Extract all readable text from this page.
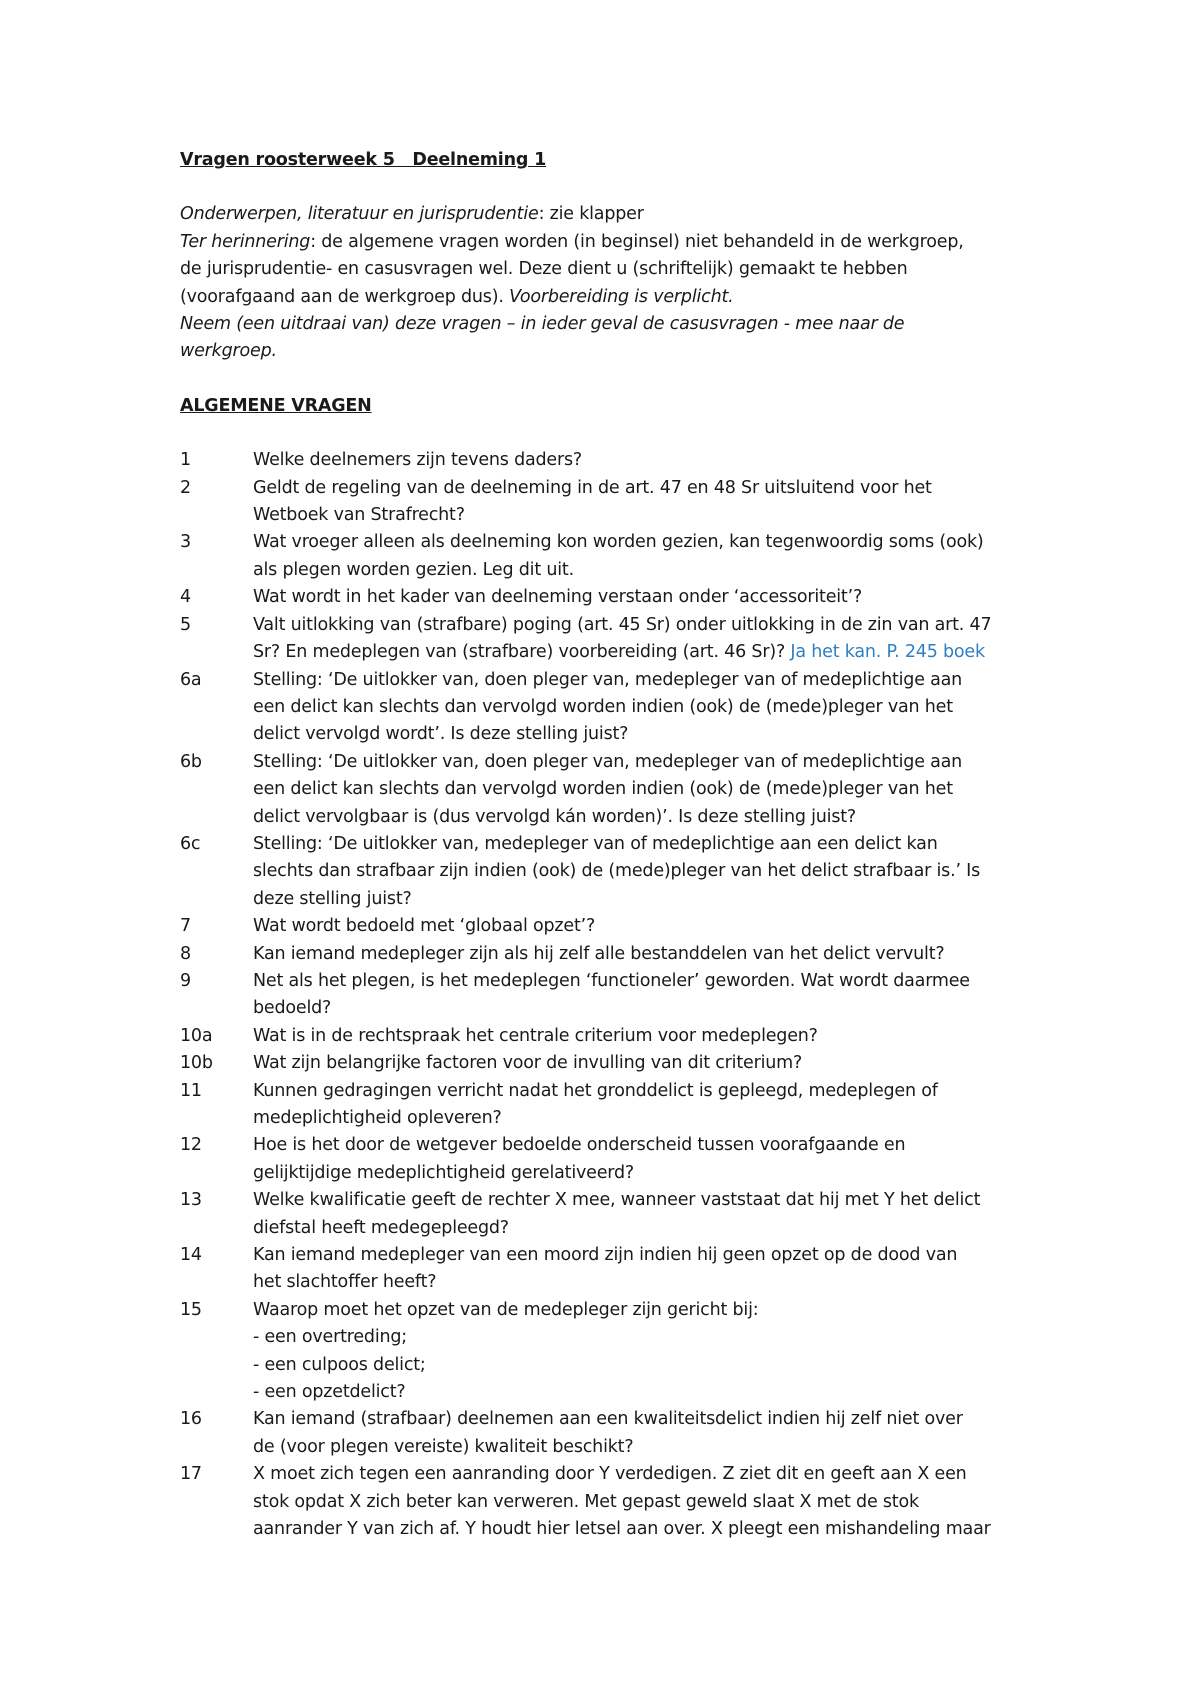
Vragen roosterweek 5   Deelneming 1

Onderwerpen, literatuur en jurisprudentie: zie klapper

Ter herinnering: de algemene vragen worden (in beginsel) niet behandeld in de werkgroep,

de jurisprudentie- en casusvragen wel. Deze dient u (schriftelijk) gemaakt te hebben

(voorafgaand aan de werkgroep dus). Voorbereiding is verplicht.

Neem (een uitdraai van) deze vragen – in ieder geval de casusvragen - mee naar de

werkgroep.

ALGEMENE VRAGEN
1	Welke deelnemers zijn tevens daders?
2	Geldt de regeling van de deelneming in de art. 47 en 48 Sr uitsluitend voor het
Wetboek van Strafrecht?
3	Wat vroeger alleen als deelneming kon worden gezien, kan tegenwoordig soms (ook)
als plegen worden gezien. Leg dit uit.
4	Wat wordt in het kader van deelneming verstaan onder ‘accessoriteit’?
5	Valt uitlokking van (strafbare) poging (art. 45 Sr) onder uitlokking in de zin van art. 47
Sr? En medeplegen van (strafbare) voorbereiding (art. 46 Sr)? Ja het kan. P. 245 boek
6a	Stelling: ‘De uitlokker van, doen pleger van, medepleger van of medeplichtige aan
een delict kan slechts dan vervolgd worden indien (ook) de (mede)pleger van het
delict vervolgd wordt’. Is deze stelling juist?
6b	Stelling: ‘De uitlokker van, doen pleger van, medepleger van of medeplichtige aan
een delict kan slechts dan vervolgd worden indien (ook) de (mede)pleger van het
delict vervolgbaar is (dus vervolgd kán worden)’. Is deze stelling juist?
6c	Stelling: ‘De uitlokker van, medepleger van of medeplichtige aan een delict kan
slechts dan strafbaar zijn indien (ook) de (mede)pleger van het delict strafbaar is.’ Is
deze stelling juist?
7	Wat wordt bedoeld met ‘globaal opzet’?
8	Kan iemand medepleger zijn als hij zelf alle bestanddelen van het delict vervult?
9	Net als het plegen, is het medeplegen ‘functioneler’ geworden. Wat wordt daarmee
bedoeld?
10a	Wat is in de rechtspraak het centrale criterium voor medeplegen?
10b	Wat zijn belangrijke factoren voor de invulling van dit criterium?
11	Kunnen gedragingen verricht nadat het gronddelict is gepleegd, medeplegen of
medeplichtigheid opleveren?
12	Hoe is het door de wetgever bedoelde onderscheid tussen voorafgaande en
gelijktijdige medeplichtigheid gerelativeerd?
13	Welke kwalificatie geeft de rechter X mee, wanneer vaststaat dat hij met Y het delict
diefstal heeft medegepleegd?
14	Kan iemand medepleger van een moord zijn indien hij geen opzet op de dood van
het slachtoffer heeft?
15	Waarop moet het opzet van de medepleger zijn gericht bij:
- een overtreding;
- een culpoos delict;
- een opzetdelict?
16	Kan iemand (strafbaar) deelnemen aan een kwaliteitsdelict indien hij zelf niet over
de (voor plegen vereiste) kwaliteit beschikt?
17	X moet zich tegen een aanranding door Y verdedigen. Z ziet dit en geeft aan X een
stok opdat X zich beter kan verweren. Met gepast geweld slaat X met de stok
aanrander Y van zich af. Y houdt hier letsel aan over. X pleegt een mishandeling maar
